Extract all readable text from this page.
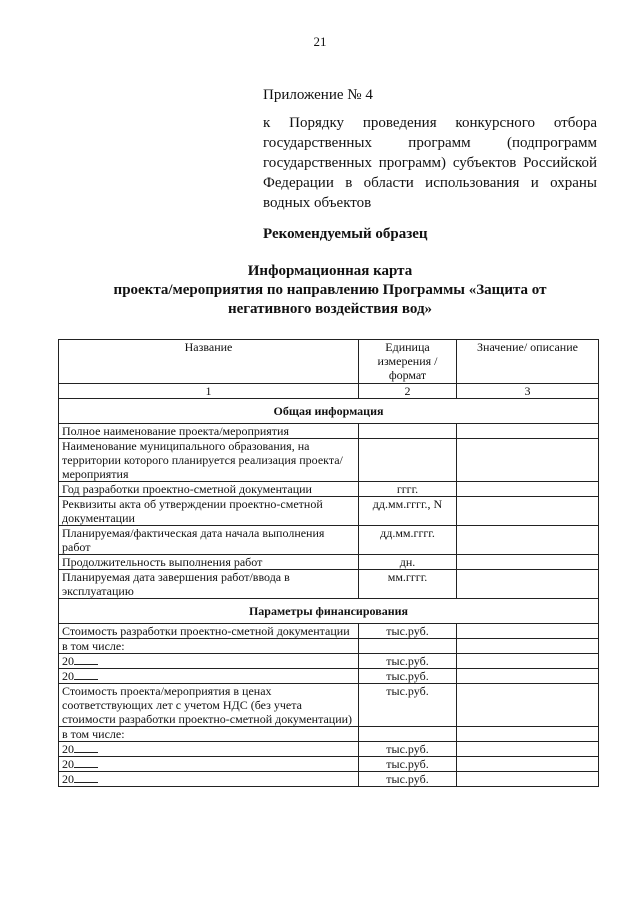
21
Приложение № 4
к Порядку проведения конкурсного отбора государственных программ (подпрограмм государственных программ) субъектов Российской Федерации в области использования и охраны водных объектов
Рекомендуемый образец
Информационная карта
проекта/мероприятия по направлению Программы «Защита от
негативного воздействия вод»
Название	Единица измерения / формат	Значение/ описание
1	2	3
Общая информация		
Полное наименование проекта/мероприятия		
Наименование муниципального образования, на территории которого планируется реализация проекта/мероприятия		
Год разработки проектно-сметной документации	гггг.	
Реквизиты акта об утверждении проектно-сметной документации	дд.мм.гггг., N	
Планируемая/фактическая дата начала выполнения работ	дд.мм.гггг.	
Продолжительность выполнения работ	дн.	
Планируемая дата завершения работ/ввода в эксплуатацию	мм.гггг.	
Параметры финансирования		
Стоимость разработки проектно-сметной документации	тыс.руб.	
в том числе:		
20	тыс.руб.	
20	тыс.руб.	
Стоимость проекта/мероприятия в ценах соответствующих лет с учетом НДС (без учета стоимости разработки проектно-сметной документации)	тыс.руб.	
в том числе:		
20	тыс.руб.	
20	тыс.руб.	
20	тыс.руб.	
